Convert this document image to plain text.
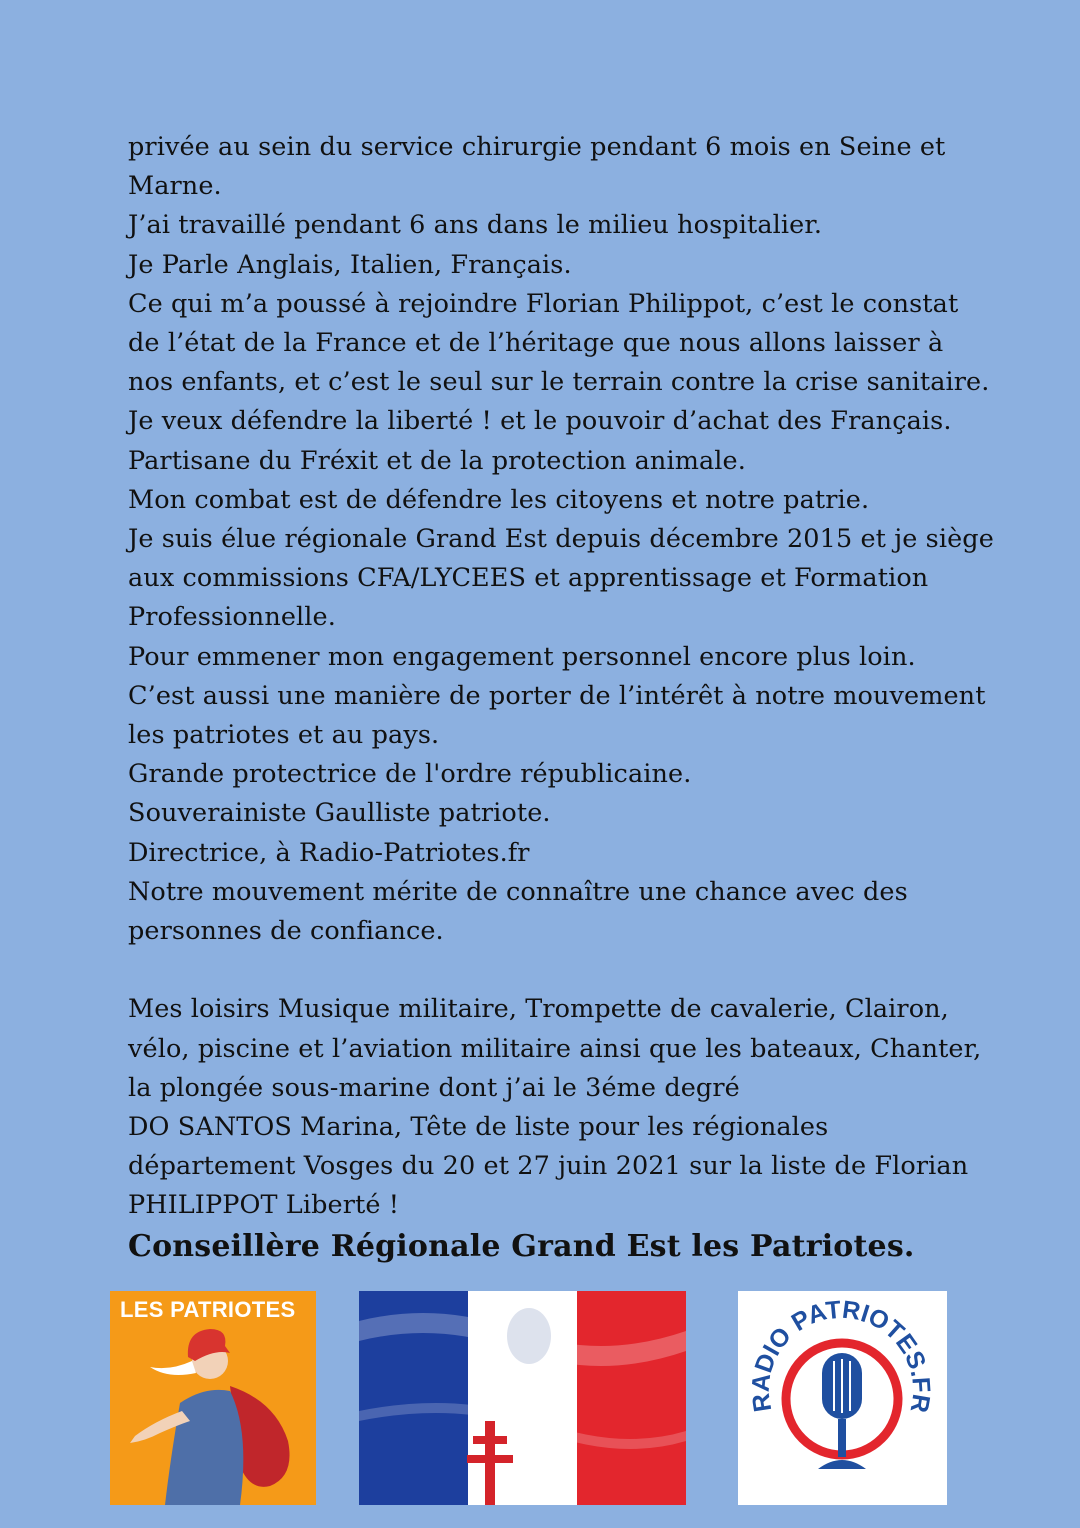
privée au sein du service chirurgie pendant 6 mois en Seine et
Marne.
J’ai travaillé pendant 6 ans dans le milieu hospitalier.
Je Parle Anglais, Italien, Français.
Ce qui m’a poussé à rejoindre Florian Philippot, c’est le constat
de l’état de la France et de l’héritage que nous allons laisser à
nos enfants, et c’est le seul sur le terrain contre la crise sanitaire.
Je veux défendre la liberté ! et le pouvoir d’achat des Français.
Partisane du Fréxit et de la protection animale.
Mon combat est de défendre les citoyens et notre patrie.
Je suis élue régionale Grand Est depuis décembre 2015 et je siège
aux commissions CFA/LYCEES et apprentissage et Formation
Professionnelle.
Pour emmener mon engagement personnel encore plus loin.
C’est aussi une manière de porter de l’intérêt à notre mouvement
les patriotes et au pays.
Grande protectrice de l'ordre républicaine.
Souverainiste Gaulliste patriote.
Directrice, à Radio-Patriotes.fr
Notre mouvement mérite de connaître une chance avec des
personnes de confiance.
Mes loisirs Musique militaire, Trompette de cavalerie, Clairon,
vélo, piscine et l’aviation militaire ainsi que les bateaux, Chanter,
la plongée sous-marine dont j’ai le 3éme degré
DO SANTOS Marina, Tête de liste pour les régionales
département Vosges du 20 et 27 juin 2021 sur la liste de Florian
PHILIPPOT Liberté !
Conseillère Régionale Grand Est les Patriotes.
LES PATRIOTES
RADIO PATRIOTES.FR
